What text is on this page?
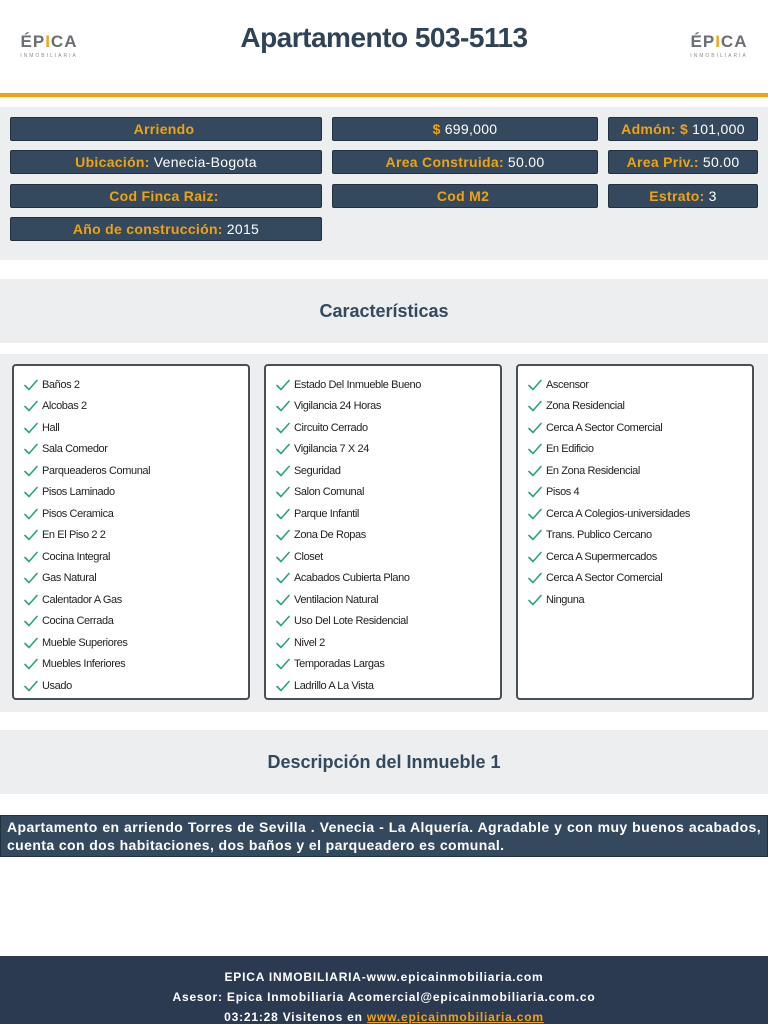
ÉPICA
INMOBILIARIA
Apartamento 503-5113	ÉPICA
INMOBILIARIA
Arriendo	$ 699,000	Admón: $ 101,000
Ubicación: Venecia-Bogota	Area Construida: 50.00	Area Priv.: 50.00
Cod Finca Raiz:	Cod M2	Estrato: 3
Año de construcción: 2015
Características
Baños 2
Alcobas 2
Hall
Sala Comedor
Parqueaderos Comunal
Pisos Laminado
Pisos Ceramica
En El Piso 2 2
Cocina Integral
Gas Natural
Calentador A Gas
Cocina Cerrada
Mueble Superiores
Muebles Inferiores
Usado
Estado Del Inmueble Bueno
Vigilancia 24 Horas
Circuito Cerrado
Vigilancia 7 X 24
Seguridad
Salon Comunal
Parque Infantil
Zona De Ropas
Closet
Acabados Cubierta Plano
Ventilacion Natural
Uso Del Lote Residencial
Nivel 2
Temporadas Largas
Ladrillo A La Vista
Ascensor
Zona Residencial
Cerca A Sector Comercial
En Edificio
En Zona Residencial
Pisos 4
Cerca A Colegios-universidades
Trans. Publico Cercano
Cerca A Supermercados
Cerca A Sector Comercial
Ninguna
Descripción del Inmueble 1
Apartamento en arriendo Torres de Sevilla . Venecia - La Alquería. Agradable y con muy buenos acabados, cuenta con dos habitaciones, dos baños y el parqueadero es comunal.
EPICA INMOBILIARIA-www.epicainmobiliaria.com
Asesor: Epica Inmobiliaria Acomercial@epicainmobiliaria.com.co
03:21:28 Visitenos en www.epicainmobiliaria.com
